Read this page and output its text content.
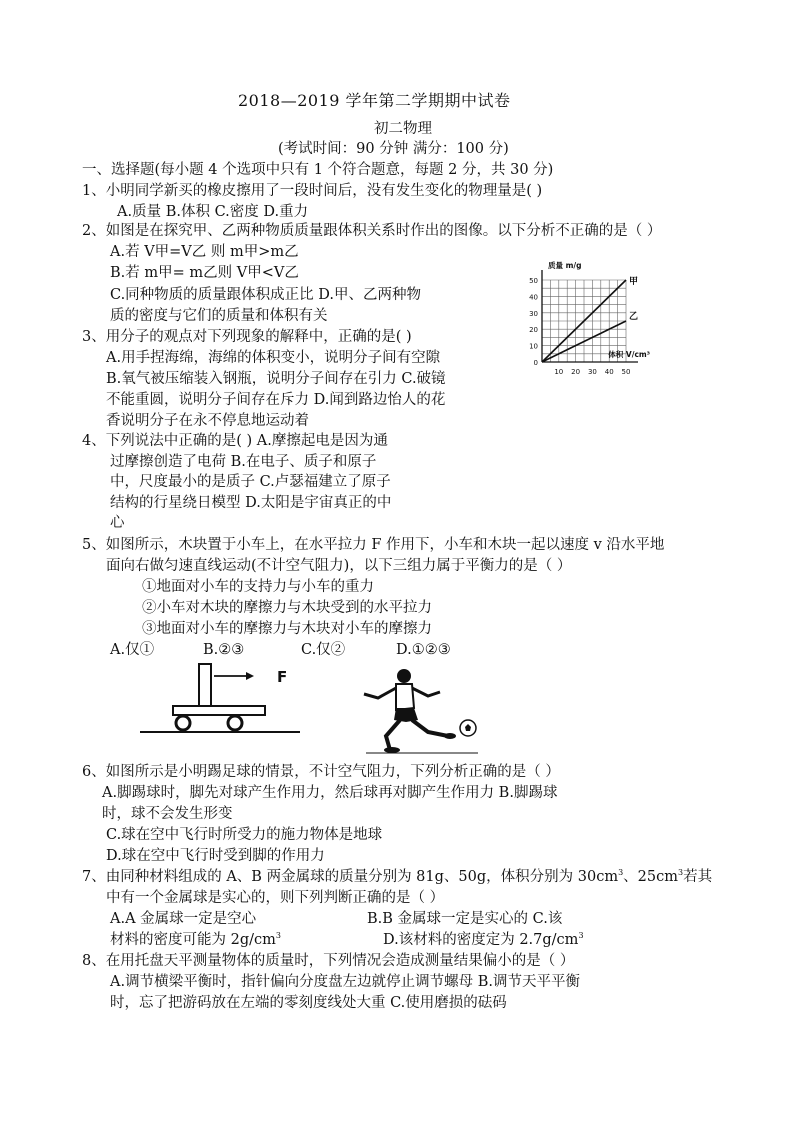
2018—2019 学年第二学期期中试卷
初二物理
(考试时间：90 分钟 满分：100 分)
一、选择题(每小题 4 个选项中只有 1 个符合题意，每题 2 分，共 30 分)
1、小明同学新买的橡皮擦用了一段时间后，没有发生变化的物理量是( )
A.质量 B.体积 C.密度 D.重力
2、如图是在探究甲、乙两种物质质量跟体积关系时作出的图像。以下分析不正确的是（ ）
A.若 V甲=V乙 则 m甲>m乙
B.若 m甲= m乙则 V甲<V乙
C.同种物质的质量跟体积成正比 D.甲、乙两种物
质的密度与它们的质量和体积有关
0
10
20
30
40
50
10 20 30 40 50
质量 m/g
体积 V/cm³
甲
乙
3、用分子的观点对下列现象的解释中，正确的是( )
A.用手捏海绵，海绵的体积变小，说明分子间有空隙
B.氧气被压缩装入钢瓶，说明分子间存在引力 C.破镜
不能重圆，说明分子间存在斥力 D.闻到路边怡人的花
香说明分子在永不停息地运动着
4、下列说法中正确的是( ) A.摩擦起电是因为通
过摩擦创造了电荷 B.在电子、质子和原子
中，尺度最小的是质子 C.卢瑟福建立了原子
结构的行星绕日模型 D.太阳是宇宙真正的中
心
5、如图所示，木块置于小车上，在水平拉力 F 作用下，小车和木块一起以速度 v 沿水平地
面向右做匀速直线运动(不计空气阻力)，以下三组力属于平衡力的是（ ）
①地面对小车的支持力与小车的重力
②小车对木块的摩擦力与木块受到的水平拉力
③地面对小车的摩擦力与木块对小车的摩擦力
A.仅①	B.②③	C.仅②	D.①②③
F
6、如图所示是小明踢足球的情景，不计空气阻力，下列分析正确的是（ ）
A.脚踢球时，脚先对球产生作用力，然后球再对脚产生作用力 B.脚踢球
时，球不会发生形变
C.球在空中飞行时所受力的施力物体是地球
D.球在空中飞行时受到脚的作用力
7、由同种材料组成的 A、B 两金属球的质量分别为 81g、50g，体积分别为 $30cm^3$、$25cm^3$若其
中有一个金属球是实心的，则下列判断正确的是（ ）
A.A 金属球一定是空心	B.B 金属球一定是实心的 C.该
材料的密度可能为 $2g/cm^3$	D.该材料的密度定为 $2.7g/cm^3$
8、在用托盘天平测量物体的质量时，下列情况会造成测量结果偏小的是（ ）
A.调节横梁平衡时，指针偏向分度盘左边就停止调节螺母 B.调节天平平衡
时，忘了把游码放在左端的零刻度线处大重 C.使用磨损的砝码
